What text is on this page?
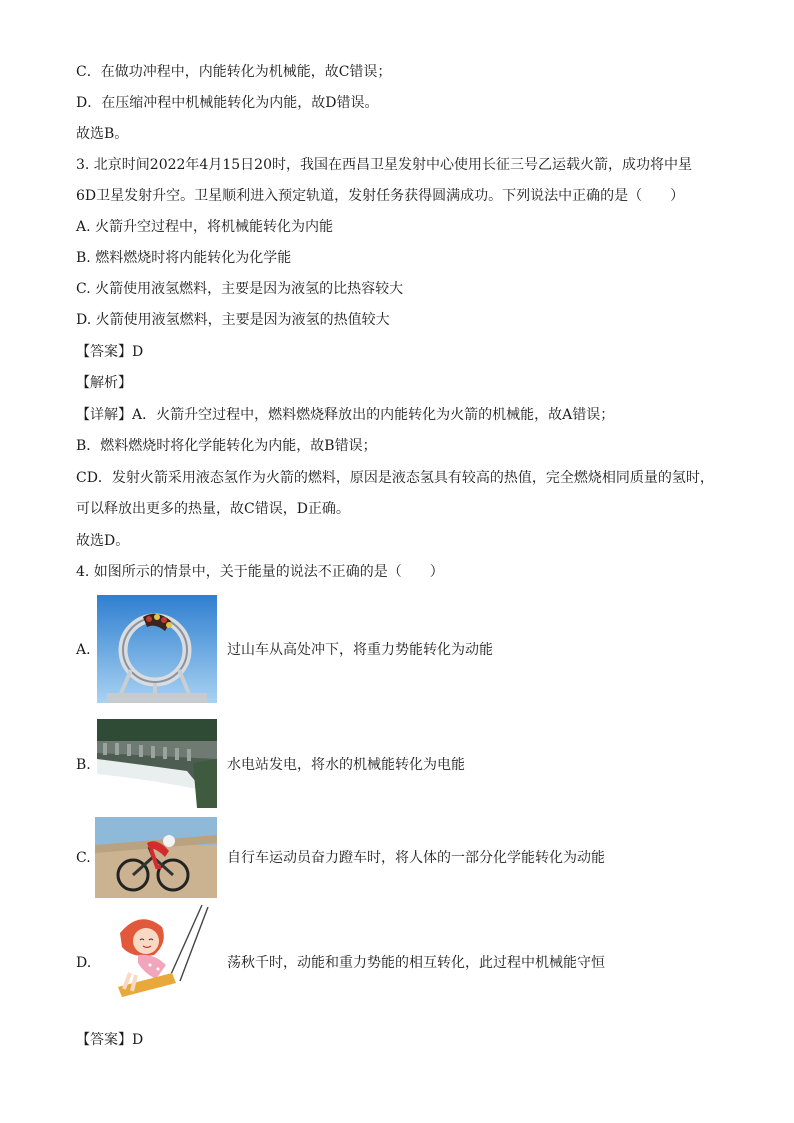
C．在做功冲程中，内能转化为机械能，故C错误；
D．在压缩冲程中机械能转化为内能，故D错误。
故选B。
3. 北京时间2022年4月15日20时，我国在西昌卫星发射中心使用长征三号乙运载火箭，成功将中星
6D卫星发射升空。卫星顺利进入预定轨道，发射任务获得圆满成功。下列说法中正确的是（　　）
A. 火箭升空过程中，将机械能转化为内能
B. 燃料燃烧时将内能转化为化学能
C. 火箭使用液氢燃料，主要是因为液氢的比热容较大
D. 火箭使用液氢燃料，主要是因为液氢的热值较大
【答案】D
【解析】
【详解】A．火箭升空过程中，燃料燃烧释放出的内能转化为火箭的机械能，故A错误；
B．燃料燃烧时将化学能转化为内能，故B错误；
CD．发射火箭采用液态氢作为火箭的燃料，原因是液态氢具有较高的热值，完全燃烧相同质量的氢时，
可以释放出更多的热量，故C错误，D正确。
故选D。
4. 如图所示的情景中，关于能量的说法不正确的是（　　）
A.	过山车从高处冲下，将重力势能转化为动能
B.	水电站发电，将水的机械能转化为电能
C.	自行车运动员奋力蹬车时，将人体的一部分化学能转化为动能
D.	荡秋千时，动能和重力势能的相互转化，此过程中机械能守恒
【答案】D
